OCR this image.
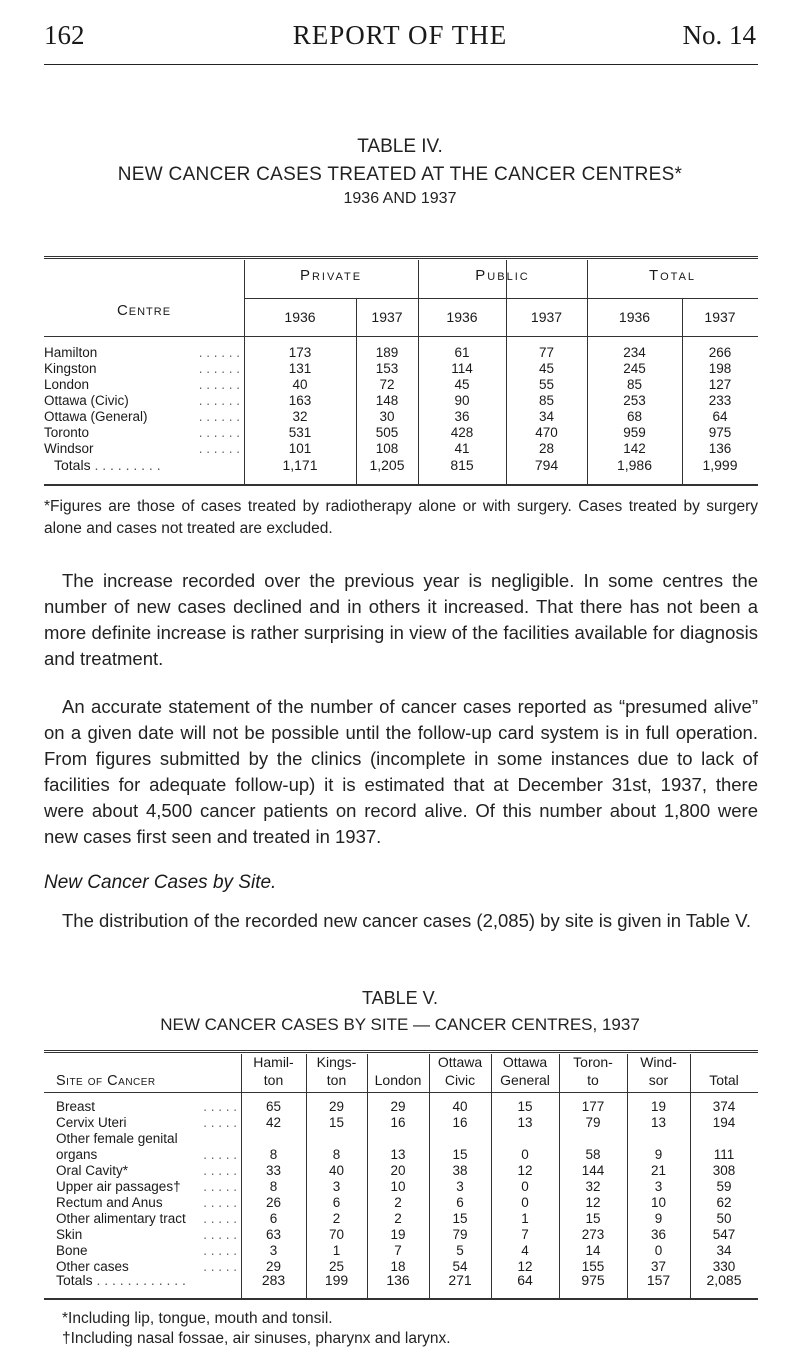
162	REPORT OF THE	No. 14
TABLE IV.
NEW CANCER CASES TREATED AT THE CANCER CENTRES*
1936 AND 1937
Centre
Private	Public	Total
1936	1937	1936	1937	1936	1937
Hamilton	. . . . . .	173	189	61	77	234	266
Kingston	. . . . . .	131	153	114	45	245	198
London	. . . . . .	40	72	45	55	85	127
Ottawa (Civic)	. . . . . .	163	148	90	85	253	233
Ottawa (General)	. . . . . .	32	30	36	34	68	64
Toronto	. . . . . .	531	505	428	470	959	975
Windsor	. . . . . .	101	108	41	28	142	136
Totals . . . . . . . . .	1,171	1,205	815	794	1,986	1,999
*Figures are those of cases treated by radiotherapy alone or with surgery. Cases treated by surgery alone and cases not treated are excluded.

The increase recorded over the previous year is negligible. In some centres the number of new cases declined and in others it increased. That there has not been a more definite increase is rather surprising in view of the facilities available for diagnosis and treatment.

An accurate statement of the number of cancer cases reported as “presumed alive” on a given date will not be possible until the follow-up card system is in full operation. From figures submitted by the clinics (incomplete in some instances due to lack of facilities for adequate follow-up) it is estimated that at December 31st, 1937, there were about 4,500 cancer patients on record alive. Of this number about 1,800 were new cases first seen and treated in 1937.

New Cancer Cases by Site.

The distribution of the recorded new cancer cases (2,085) by site is given in Table V.

TABLE V.
NEW CANCER CASES BY SITE — CANCER CENTRES, 1937
Site of Cancer
Hamil-
ton
Kings-
ton	London
Ottawa
Civic
Ottawa
General
Toron-
to
Wind-
sor	Total
Breast	. . . . .	65	29	29	40	15	177	19	374
Cervix Uteri	. . . . .	42	15	16	16	13	79	13	194
Other female genital
organs	. . . . .	8	8	13	15	0	58	9	111
Oral Cavity*	. . . . .	33	40	20	38	12	144	21	308
Upper air passages†	. . . . .	8	3	10	3	0	32	3	59
Rectum and Anus	. . . . .	26	6	2	6	0	12	10	62
Other alimentary tract	. . . . .	6	2	2	15	1	15	9	50
Skin	. . . . .	63	70	19	79	7	273	36	547
Bone	. . . . .	3	1	7	5	4	14	0	34
Other cases	. . . . .	29	25	18	54	12	155	37	330
Totals . . . . . . . . . . . .	283	199	136	271	64	975	157	2,085
*Including lip, tongue, mouth and tonsil.
†Including nasal fossae, air sinuses, pharynx and larynx.
